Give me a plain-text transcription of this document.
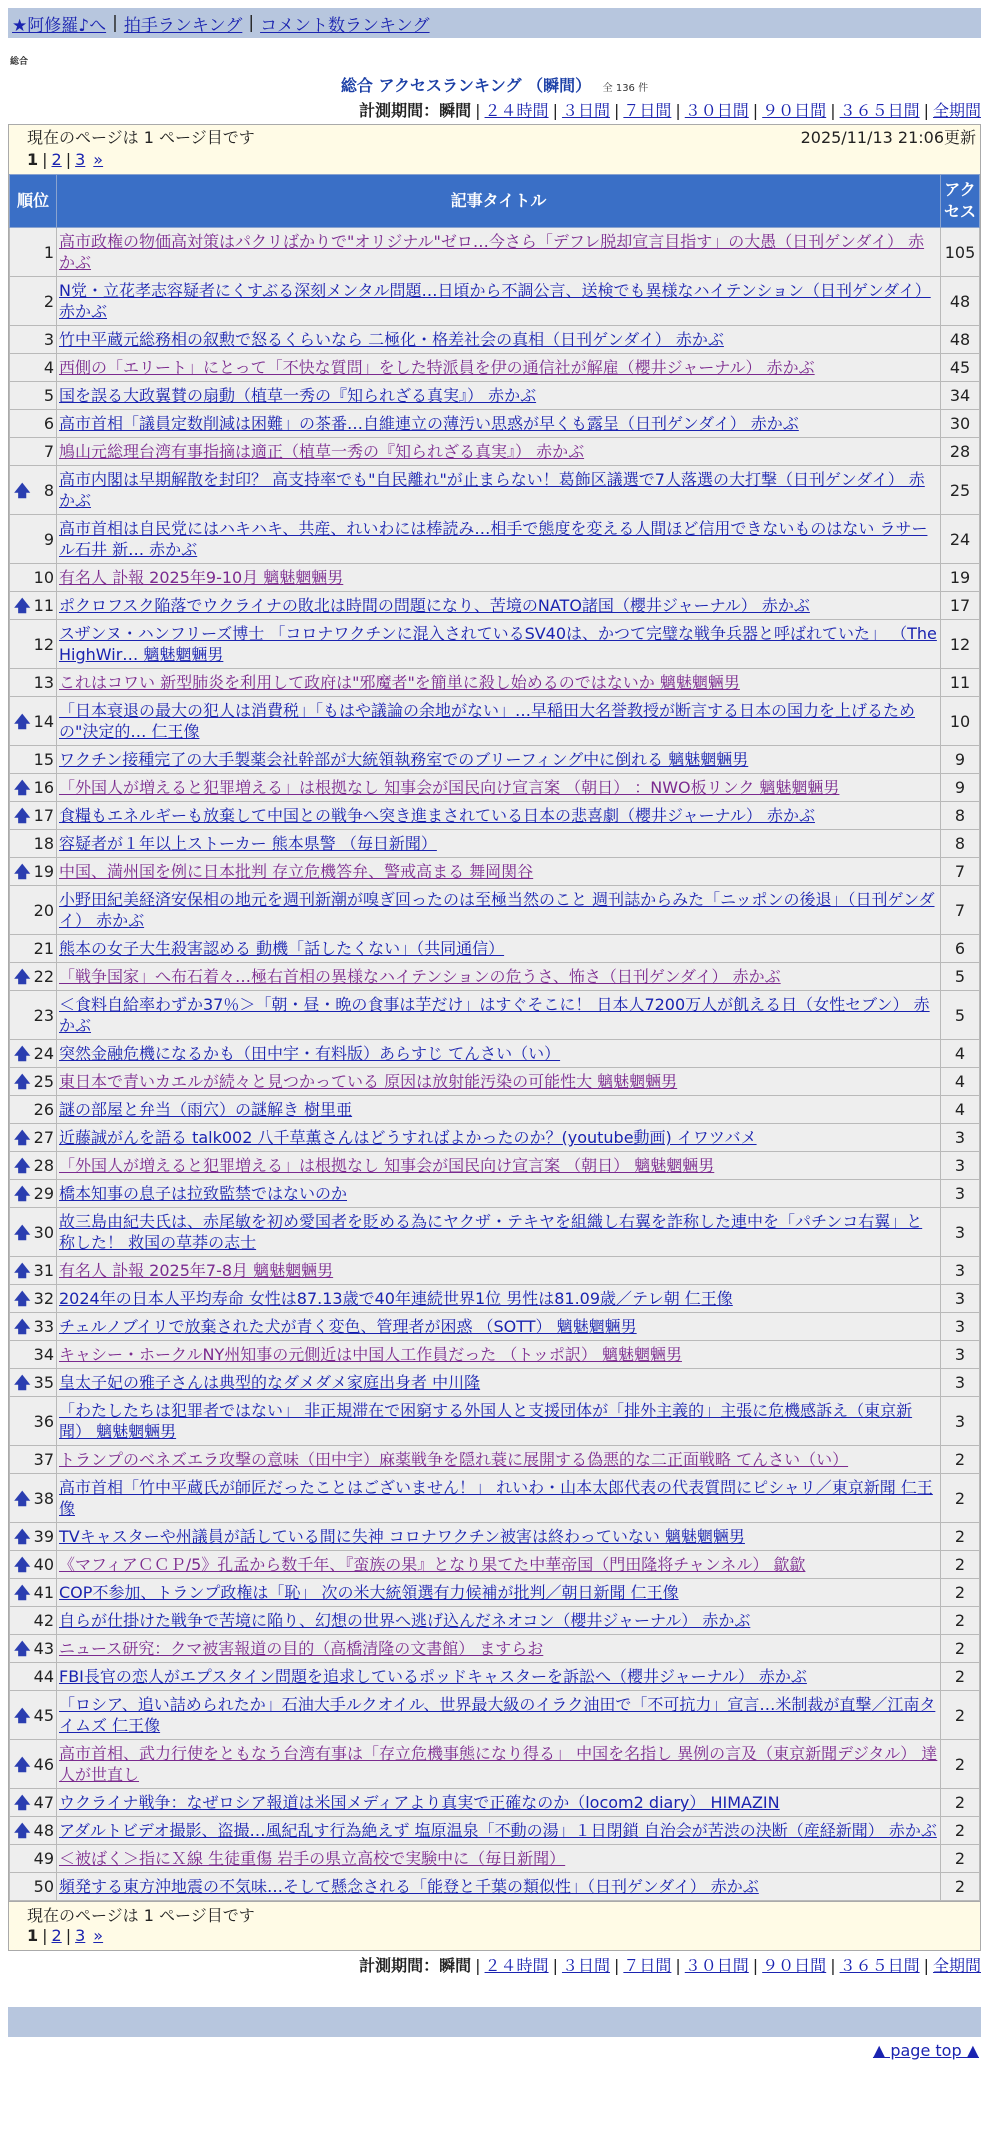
★阿修羅♪へ | 拍手ランキング | コメント数ランキング
総合
総合 アクセスランキング （瞬間） 全 136 件
計測期間：瞬間 | ２４時間 | ３日間 | ７日間 | ３０日間 | ９０日間 | ３６５日間 | 全期間
現在のページは 1 ページ目です	2025/11/13 21:06更新
1 | 2 | 3 »
順位	記事タイトル	アクセス
1	高市政権の物価高対策はパクリばかりで"オリジナル"ゼロ…今さら「デフレ脱却宣言目指す」の大愚（日刊ゲンダイ） 赤かぶ	105
2	N党・立花孝志容疑者にくすぶる深刻メンタル問題…日頃から不調公言、送検でも異様なハイテンション（日刊ゲンダイ） 赤かぶ	48
3	竹中平蔵元総務相の叙勲で怒るくらいなら 二極化・格差社会の真相（日刊ゲンダイ） 赤かぶ	48
4	西側の「エリート」にとって「不快な質問」をした特派員を伊の通信社が解雇（櫻井ジャーナル） 赤かぶ	45
5	国を誤る大政翼賛の扇動（植草一秀の『知られざる真実』） 赤かぶ	34
6	高市首相「議員定数削減は困難」の茶番…自維連立の薄汚い思惑が早くも露呈（日刊ゲンダイ） 赤かぶ	30
7	鳩山元総理台湾有事指摘は適正（植草一秀の『知られざる真実』） 赤かぶ	28

🡅 8	高市内閣は早期解散を封印？ 高支持率でも"自民離れ"が止まらない！葛飾区議選で7人落選の大打撃（日刊ゲンダイ） 赤かぶ	25
9	高市首相は自民党にはハキハキ、共産、れいわには棒読み…相手で態度を変える人間ほど信用できないものはない ラサール石井 新… 赤かぶ	24
10	有名人 訃報 2025年9-10月 魑魅魍魎男	19

🡅 11	ポクロフスク陥落でウクライナの敗北は時間の問題になり、苦境のNATO諸国（櫻井ジャーナル） 赤かぶ	17
12	スザンヌ・ハンフリーズ博士 「コロナワクチンに混入されているSV40は、かつて完璧な戦争兵器と呼ばれていた」 （The HighWir… 魑魅魍魎男	12
13	これはコワい 新型肺炎を利用して政府は"邪魔者"を簡単に殺し始めるのではないか 魑魅魍魎男	11

🡅 14	「日本衰退の最大の犯人は消費税」「もはや議論の余地がない」…早稲田大名誉教授が断言する日本の国力を上げるための"決定的… 仁王像	10
15	ワクチン接種完了の大手製薬会社幹部が大統領執務室でのブリーフィング中に倒れる 魑魅魍魎男	9

🡅 16	「外国人が増えると犯罪増える」は根拠なし 知事会が国民向け宣言案 （朝日） ：NWO板リンク 魑魅魍魎男	9

🡅 17	食糧もエネルギーも放棄して中国との戦争へ突き進まされている日本の悲喜劇（櫻井ジャーナル） 赤かぶ	8
18	容疑者が１年以上ストーカー 熊本県警 （毎日新聞）	8

🡅 19	中国、満州国を例に日本批判 存立危機答弁、警戒高まる 舞岡関谷	7
20	小野田紀美経済安保相の地元を週刊新潮が嗅ぎ回ったのは至極当然のこと 週刊誌からみた「ニッポンの後退」（日刊ゲンダイ） 赤かぶ	7
21	熊本の女子大生殺害認める 動機「話したくない」（共同通信）	6

🡅 22	「戦争国家」へ布石着々…極右首相の異様なハイテンションの危うさ、怖さ（日刊ゲンダイ） 赤かぶ	5
23	＜食料自給率わずか37％＞「朝・昼・晩の食事は芋だけ」はすぐそこに！ 日本人7200万人が飢える日（女性セブン） 赤かぶ	5

🡅 24	突然金融危機になるかも（田中宇・有料版）あらすじ てんさい（い）	4

🡅 25	東日本で青いカエルが続々と見つかっている 原因は放射能汚染の可能性大 魑魅魍魎男	4
26	謎の部屋と弁当（雨穴）の謎解き 樹里亜	4

🡅 27	近藤誠がんを語る talk002 八千草薫さんはどうすればよかったのか？(youtube動画) イワツバメ	3

🡅 28	「外国人が増えると犯罪増える」は根拠なし 知事会が国民向け宣言案 （朝日） 魑魅魍魎男	3

🡅 29	橋本知事の息子は拉致監禁ではないのか	3

🡅 30	故三島由紀夫氏は、赤尾敏を初め愛国者を貶める為にヤクザ・テキヤを組織し右翼を詐称した連中を「パチンコ右翼」と称した！ 救国の草莽の志士	3

🡅 31	有名人 訃報 2025年7-8月 魑魅魍魎男	3

🡅 32	2024年の日本人平均寿命 女性は87.13歳で40年連続世界1位 男性は81.09歳／テレ朝 仁王像	3

🡅 33	チェルノブイリで放棄された犬が青く変色、管理者が困惑 （SOTT） 魑魅魍魎男	3
34	キャシー・ホークルNY州知事の元側近は中国人工作員だった （トッポ訳） 魑魅魍魎男	3

🡅 35	皇太子妃の雅子さんは典型的なダメダメ家庭出身者 中川隆	3
36	「わたしたちは犯罪者ではない」 非正規滞在で困窮する外国人と支援団体が「排外主義的」主張に危機感訴え（東京新聞） 魑魅魍魎男	3
37	トランプのベネズエラ攻撃の意味（田中宇）麻薬戦争を隠れ蓑に展開する偽悪的な二正面戦略 てんさい（い）	2

🡅 38	高市首相「竹中平蔵氏が師匠だったことはございません！」 れいわ・山本太郎代表の代表質問にピシャリ／東京新聞 仁王像	2

🡅 39	TVキャスターや州議員が話している間に失神 コロナワクチン被害は終わっていない 魑魅魍魎男	2

🡅 40	《マフィアＣＣＰ/5》孔孟から数千年、『蛮族の果』となり果てた中華帝国（門田隆将チャンネル） 歙歙	2

🡅 41	COP不参加、トランプ政権は「恥」 次の米大統領選有力候補が批判／朝日新聞 仁王像	2
42	自らが仕掛けた戦争で苦境に陥り、幻想の世界へ逃げ込んだネオコン（櫻井ジャーナル） 赤かぶ	2

🡅 43	ニュース研究：クマ被害報道の目的（高橋清隆の文書館） ますらお	2
44	FBI長官の恋人がエプスタイン問題を追求しているポッドキャスターを訴訟へ（櫻井ジャーナル） 赤かぶ	2

🡅 45	「ロシア、追い詰められたか」石油大手ルクオイル、世界最大級のイラク油田で「不可抗力」宣言…米制裁が直撃／江南タイムズ 仁王像	2

🡅 46	高市首相、武力行使をともなう台湾有事は「存立危機事態になり得る」 中国を名指し 異例の言及（東京新聞デジタル） 達人が世直し	2

🡅 47	ウクライナ戦争：なぜロシア報道は米国メディアより真実で正確なのか（locom2 diary） HIMAZIN	2

🡅 48	アダルトビデオ撮影、盗撮…風紀乱す行為絶えず 塩原温泉「不動の湯」１日閉鎖 自治会が苦渋の決断（産経新聞） 赤かぶ	2
49	＜被ばく＞指にＸ線 生徒重傷 岩手の県立高校で実験中に（毎日新聞）	2
50	頻発する東方沖地震の不気味…そして懸念される「能登と千葉の類似性」（日刊ゲンダイ） 赤かぶ	2
現在のページは 1 ページ目です
1 | 2 | 3 »
計測期間：瞬間 | ２４時間 | ３日間 | ７日間 | ３０日間 | ９０日間 | ３６５日間 | 全期間
▲ page top ▲
